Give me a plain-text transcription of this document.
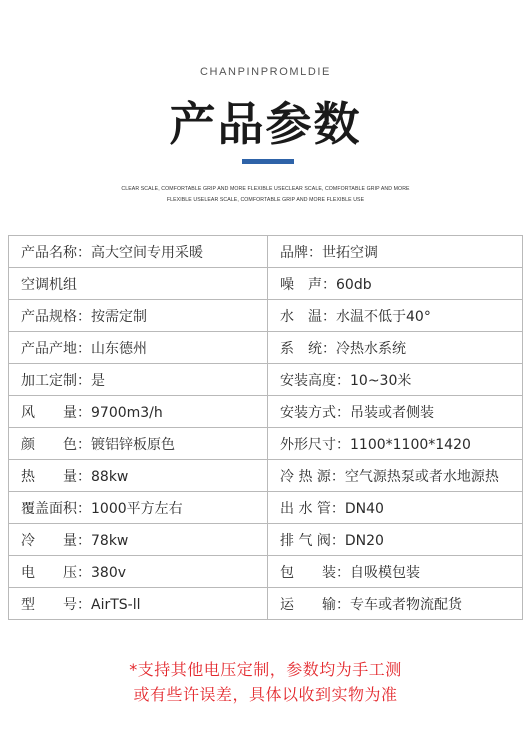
CHANPINPROMLDIE
产品参数
CLEAR SCALE, COMFORTABLE GRIP AND MORE FLEXIBLE USECLEAR SCALE, COMFORTABLE GRIP AND MORE
FLEXIBLE USELEAR SCALE, COMFORTABLE GRIP AND MORE FLEXIBLE USE
产品名称：高大空间专用采暖	品牌：世拓空调
空调机组	噪　声：60db
产品规格：按需定制	水　温：水温不低于40°
产品产地：山东德州	系　统：冷热水系统
加工定制：是	安装高度：10~30米
风　　量：9700m3/h	安装方式：吊装或者侧装
颜　　色：镀铝锌板原色	外形尺寸：1100*1100*1420
热　　量：88kw	冷 热 源：空气源热泵或者水地源热
覆盖面积：1000平方左右	出 水 管：DN40
冷　　量：78kw	排 气 阀：DN20
电　　压：380v	包　　装：自吸模包装
型　　号：AirTS-ll	运　　输：专车或者物流配货
*支持其他电压定制，参数均为手工测
或有些许误差，具体以收到实物为准
